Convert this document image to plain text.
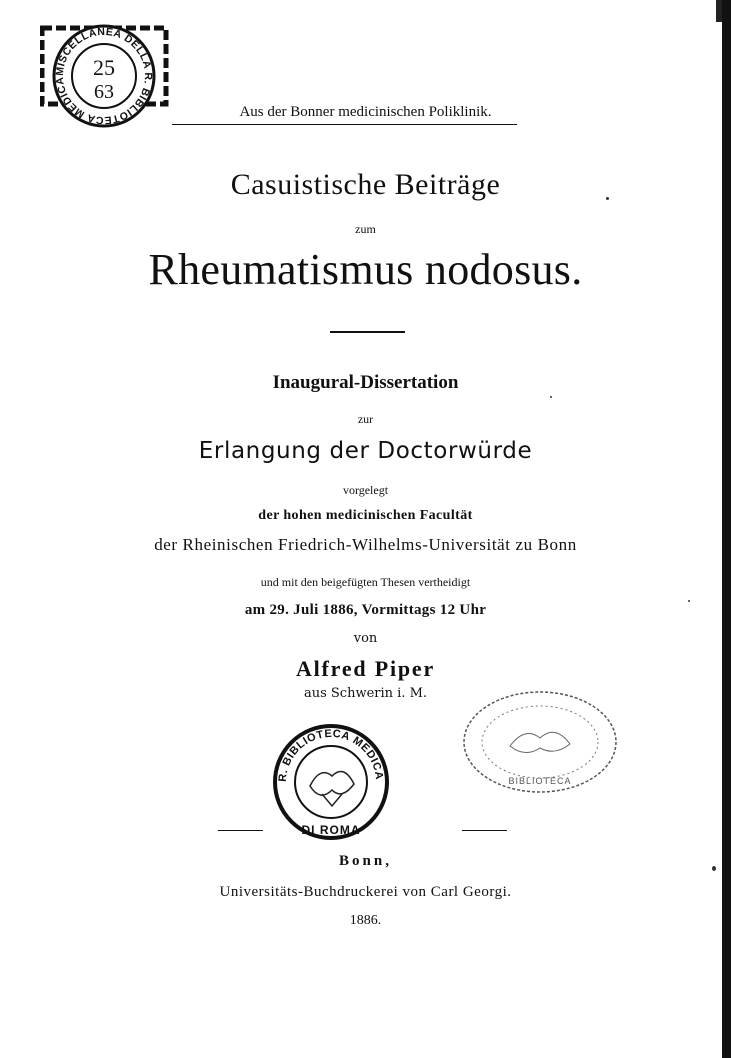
MISCELLANEA DELLA R. BIBLIOTECA MEDICA
25
63
Aus der Bonner medicinischen Poliklinik.
Casuistische Beiträge
zum
Rheumatismus nodosus.
Inaugural-Dissertation
zur
Erlangung der Doctorwürde
vorgelegt
der hohen medicinischen Facultät
der Rheinischen Friedrich-Wilhelms-Universität zu Bonn
und mit den beigefügten Thesen vertheidigt
am 29. Juli 1886, Vormittags 12 Uhr
von
Alfred Piper
aus Schwerin i. M.
BIBLIOTECA
R. BIBLIOTECA MEDICA
DI ROMA
Bonn,
Universitäts-Buchdruckerei von Carl Georgi.
1886.
